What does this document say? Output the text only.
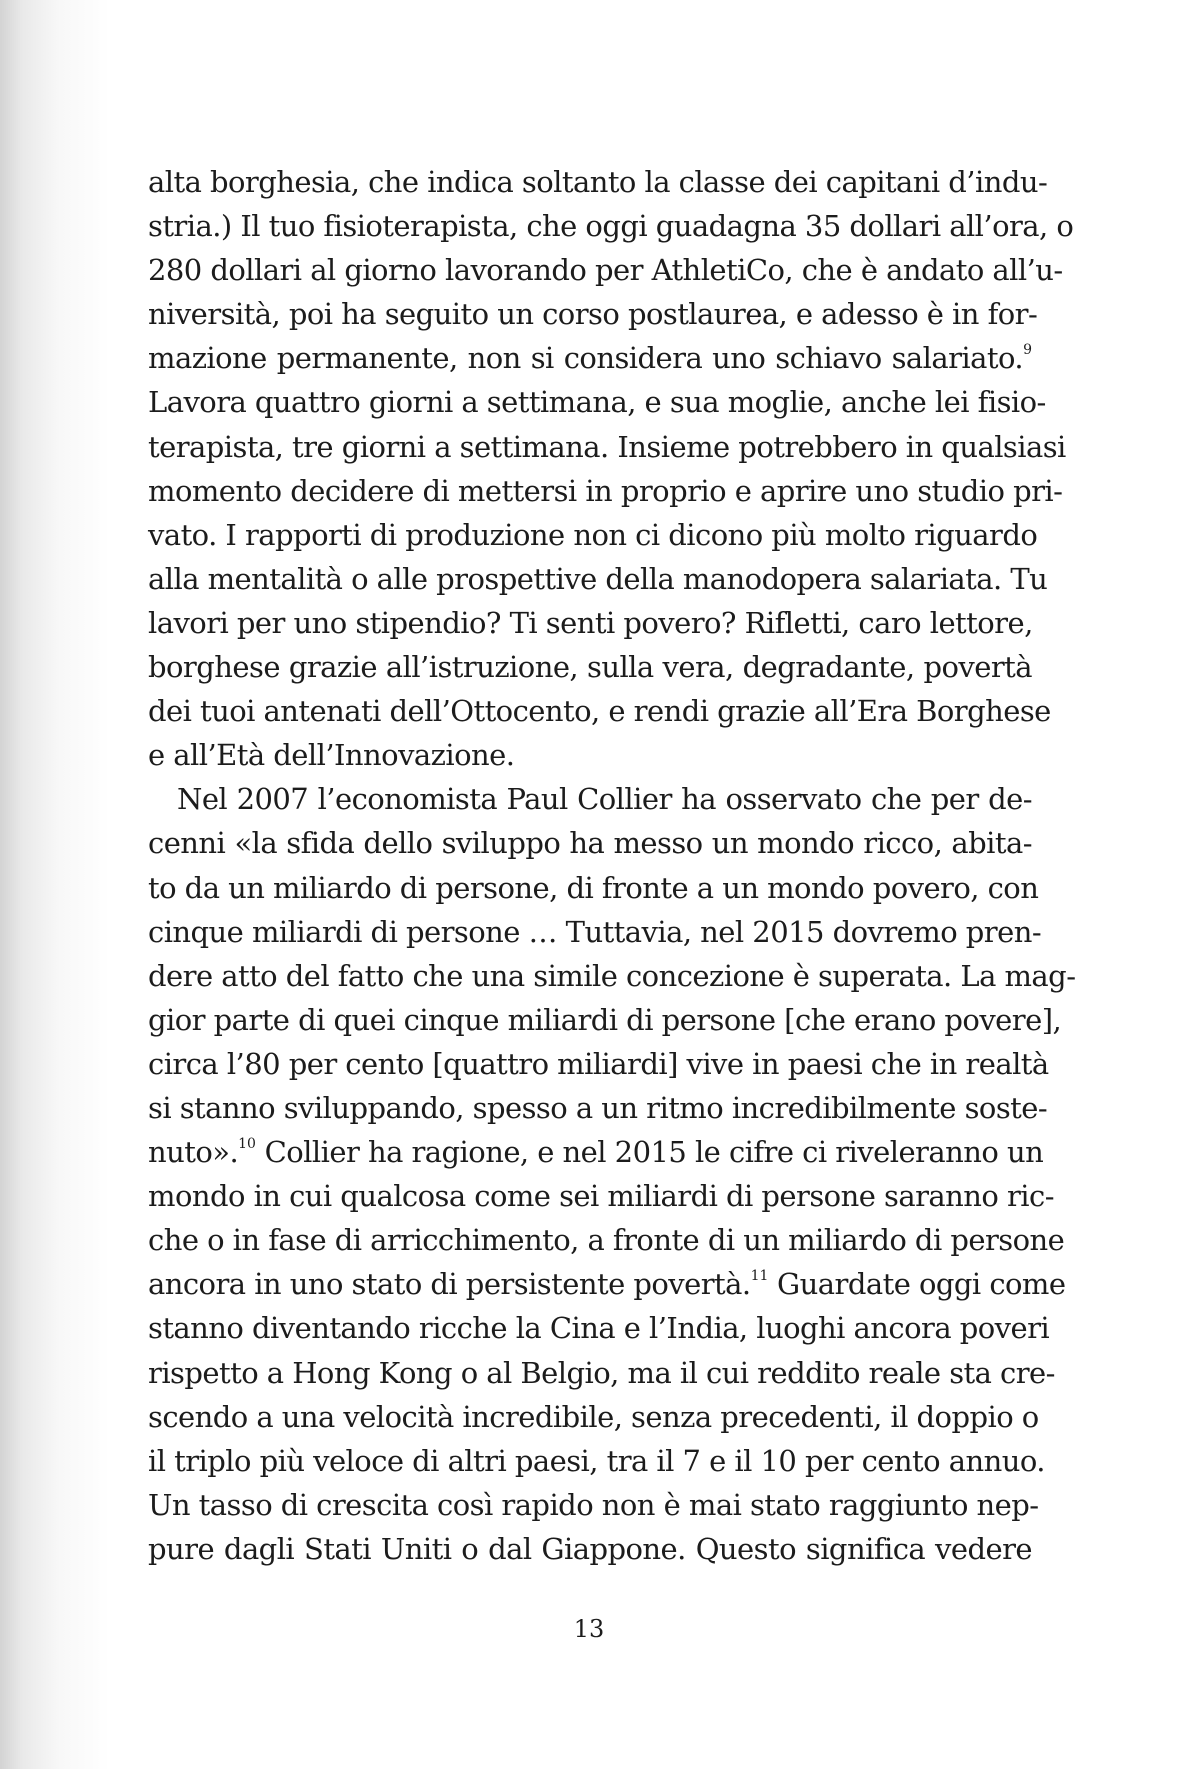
alta borghesia, che indica soltanto la classe dei capitani d’indu-
stria.) Il tuo fisioterapista, che oggi guadagna 35 dollari all’ora, o
280 dollari al giorno lavorando per AthletiCo, che è andato all’u-
niversità, poi ha seguito un corso postlaurea, e adesso è in for-
mazione permanente, non si considera uno schiavo salariato.$^9$
Lavora quattro giorni a settimana, e sua moglie, anche lei fisio-
terapista, tre giorni a settimana. Insieme potrebbero in qualsiasi
momento decidere di mettersi in proprio e aprire uno studio pri-
vato. I rapporti di produzione non ci dicono più molto riguardo
alla mentalità o alle prospettive della manodopera salariata. Tu
lavori per uno stipendio? Ti senti povero? Rifletti, caro lettore,
borghese grazie all’istruzione, sulla vera, degradante, povertà
dei tuoi antenati dell’Ottocento, e rendi grazie all’Era Borghese
e all’Età dell’Innovazione.
Nel 2007 l’economista Paul Collier ha osservato che per de-
cenni «la sfida dello sviluppo ha messo un mondo ricco, abita-
to da un miliardo di persone, di fronte a un mondo povero, con
cinque miliardi di persone … Tuttavia, nel 2015 dovremo pren-
dere atto del fatto che una simile concezione è superata. La mag-
gior parte di quei cinque miliardi di persone [che erano povere],
circa l’80 per cento [quattro miliardi] vive in paesi che in realtà
si stanno sviluppando, spesso a un ritmo incredibilmente soste-
nuto».$^{10}$ Collier ha ragione, e nel 2015 le cifre ci riveleranno un
mondo in cui qualcosa come sei miliardi di persone saranno ric-
che o in fase di arricchimento, a fronte di un miliardo di persone
ancora in uno stato di persistente povertà.$^{11}$ Guardate oggi come
stanno diventando ricche la Cina e l’India, luoghi ancora poveri
rispetto a Hong Kong o al Belgio, ma il cui reddito reale sta cre-
scendo a una velocità incredibile, senza precedenti, il doppio o
il triplo più veloce di altri paesi, tra il 7 e il 10 per cento annuo.
Un tasso di crescita così rapido non è mai stato raggiunto nep-
pure dagli Stati Uniti o dal Giappone. Questo significa vedere
13
